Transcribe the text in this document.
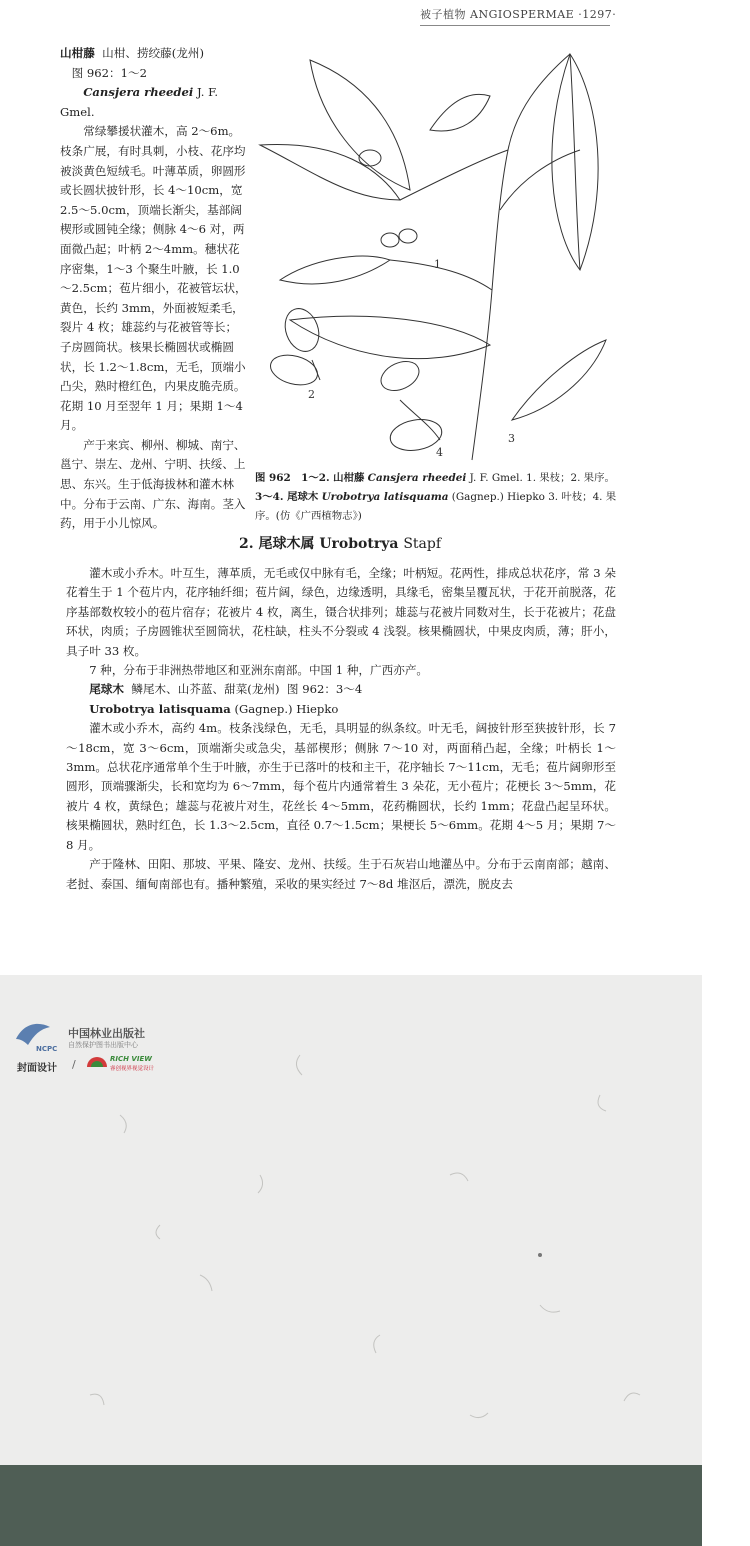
被子植物 ANGIOSPERMAE ·1297·

山柑藤 山柑、捞绞藤(龙州)

图 962：1～2

Cansjera rheedei J. F. Gmel.

常绿攀援状灌木，高 2～6m。枝条广展，有时具刺，小枝、花序均被淡黄色短绒毛。叶薄革质，卵圆形或长圆状披针形，长 4～10cm，宽 2.5～5.0cm，顶端长渐尖，基部阔楔形或圆钝全缘；侧脉 4～6 对，两面微凸起；叶柄 2～4mm。穗状花序密集，1～3 个聚生叶腋，长 1.0～2.5cm；苞片细小，花被管坛状，黄色，长约 3mm，外面被短柔毛，裂片 4 枚；雄蕊约与花被管等长；子房圆筒状。核果长椭圆状或椭圆状，长 1.2～1.8cm，无毛，顶端小凸尖，熟时橙红色，内果皮脆壳质。花期 10 月至翌年 1 月；果期 1～4 月。

产于来宾、柳州、柳城、南宁、邕宁、崇左、龙州、宁明、扶绥、上思、东兴。生于低海拔林和灌木林中。分布于云南、广东、海南。茎入药，用于小儿惊风。

1
2
3
4

图 962　1～2. 山柑藤 Cansjera rheedei J. F. Gmel. 1. 果枝；2. 果序。 3～4. 尾球木 Urobotrya latisquama (Gagnep.) Hiepko 3. 叶枝；4. 果序。(仿《广西植物志》)

2. 尾球木属 Urobotrya Stapf

灌木或小乔木。叶互生，薄革质，无毛或仅中脉有毛，全缘；叶柄短。花两性，排成总状花序，常 3 朵花着生于 1 个苞片内，花序轴纤细；苞片阔，绿色，边缘透明，具缘毛，密集呈覆瓦状，于花开前脱落，花序基部数枚较小的苞片宿存；花被片 4 枚，离生，镊合状排列；雄蕊与花被片同数对生，长于花被片；花盘环状，肉质；子房圆锥状至圆筒状，花柱缺，柱头不分裂或 4 浅裂。核果椭圆状，中果皮肉质，薄；肝小，具子叶 33 枚。

7 种，分布于非洲热带地区和亚洲东南部。中国 1 种，广西亦产。

尾球木 鳞尾木、山芥蓝、甜菜(龙州) 图 962：3～4

Urobotrya latisquama (Gagnep.) Hiepko

灌木或小乔木，高约 4m。枝条浅绿色，无毛，具明显的纵条纹。叶无毛，阔披针形至狭披针形，长 7～18cm，宽 3～6cm，顶端渐尖或急尖，基部楔形；侧脉 7～10 对，两面稍凸起，全缘；叶柄长 1～3mm。总状花序通常单个生于叶腋，亦生于已落叶的枝和主干，花序轴长 7～11cm，无毛；苞片阔卵形至圆形，顶端骤渐尖，长和宽均为 6～7mm，每个苞片内通常着生 3 朵花，无小苞片；花梗长 3～5mm，花被片 4 枚，黄绿色；雄蕊与花被片对生，花丝长 4～5mm，花药椭圆状，长约 1mm；花盘凸起呈环状。核果椭圆状，熟时红色，长 1.3～2.5cm，直径 0.7～1.5cm；果梗长 5～6mm。花期 4～5 月；果期 7～8 月。

产于隆林、田阳、那坡、平果、隆安、龙州、扶绥。生于石灰岩山地灌丛中。分布于云南南部；越南、老挝、泰国、缅甸南部也有。播种繁殖，采收的果实经过 7～8d 堆沤后，漂洗，脱皮去

NCPC
中国林业出版社
自然保护图书出版中心
封面设计 /	RICH VIEW
睿创视界视觉设计
